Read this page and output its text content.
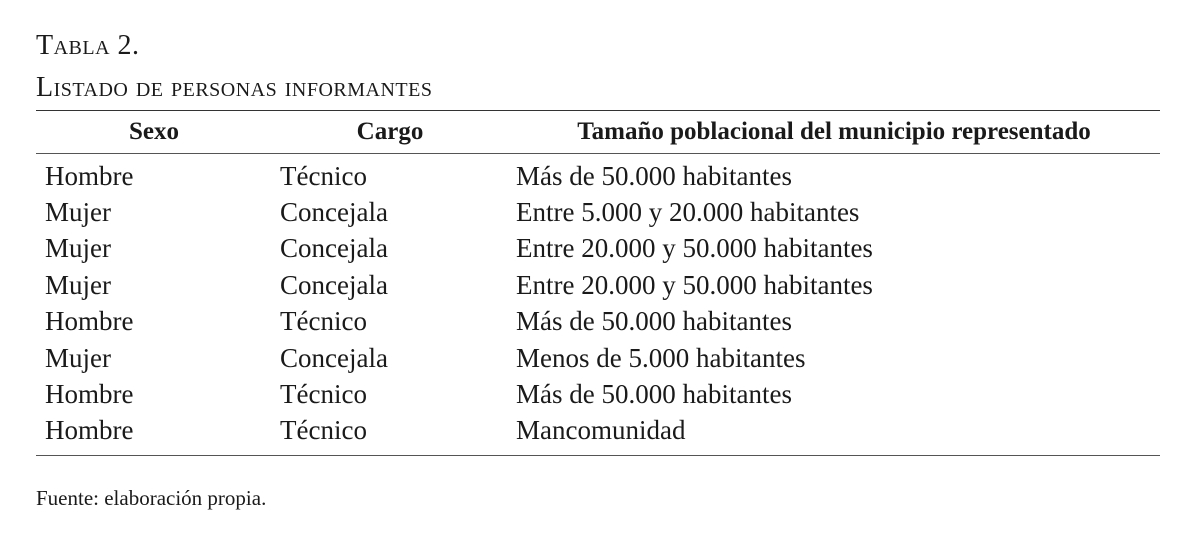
Tabla 2.

Listado de personas informantes

Sexo	Cargo	Tamaño poblacional del municipio representado
Hombre	Técnico	Más de 50.000 habitantes
Mujer	Concejala	Entre 5.000 y 20.000 habitantes
Mujer	Concejala	Entre 20.000 y 50.000 habitantes
Mujer	Concejala	Entre 20.000 y 50.000 habitantes
Hombre	Técnico	Más de 50.000 habitantes
Mujer	Concejala	Menos de 5.000 habitantes
Hombre	Técnico	Más de 50.000 habitantes
Hombre	Técnico	Mancomunidad

Fuente: elaboración propia.
